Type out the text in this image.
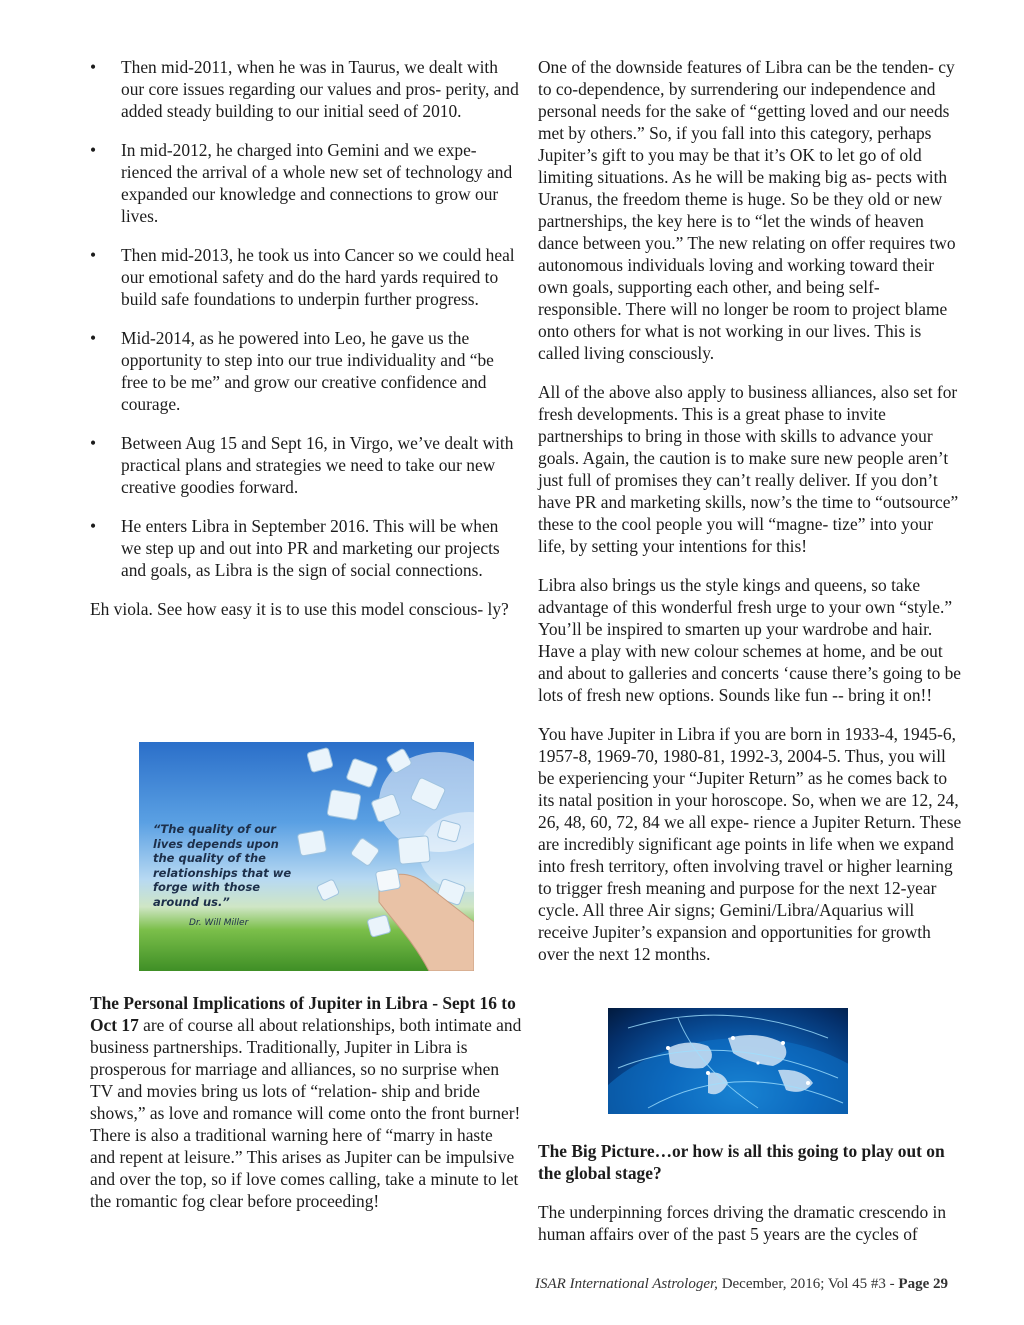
• Then mid-2011, when he was in Taurus, we dealt with our core issues regarding our values and pros- perity, and added steady building to our initial seed of 2010.
• In mid-2012, he charged into Gemini and we expe- rienced the arrival of a whole new set of technology and expanded our knowledge and connections to grow our lives.
• Then mid-2013, he took us into Cancer so we could heal our emotional safety and do the hard yards required to build safe foundations to underpin further progress.
• Mid-2014, as he powered into Leo, he gave us the opportunity to step into our true individuality and “be free to be me” and grow our creative confidence and courage.
• Between Aug 15 and Sept 16, in Virgo, we’ve dealt with practical plans and strategies we need to take our new creative goodies forward.
• He enters Libra in September 2016. This will be when we step up and out into PR and marketing our projects and goals, as Libra is the sign of social connections.

Eh viola. See how easy it is to use this model conscious- ly?

“The quality of our lives depends upon the quality of the relationships that we forge with those around us.”
Dr. Will Miller

The Personal Implications of Jupiter in Libra - Sept 16 to Oct 17 are of course all about relationships, both intimate and business partnerships. Traditionally, Jupiter in Libra is prosperous for marriage and alliances, so no surprise when TV and movies bring us lots of “relation- ship and bride shows,” as love and romance will come onto the front burner! There is also a traditional warning here of “marry in haste and repent at leisure.” This arises as Jupiter can be impulsive and over the top, so if love comes calling, take a minute to let the romantic fog clear before proceeding!

One of the downside features of Libra can be the tenden- cy to co-dependence, by surrendering our independence and personal needs for the sake of “getting loved and our needs met by others.” So, if you fall into this category, perhaps Jupiter’s gift to you may be that it’s OK to let go of old limiting situations. As he will be making big as- pects with Uranus, the freedom theme is huge. So be they old or new partnerships, the key here is to “let the winds of heaven dance between you.” The new relating on offer requires two autonomous individuals loving and working toward their own goals, supporting each other, and being self-responsible. There will no longer be room to project blame onto others for what is not working in our lives. This is called living consciously.

All of the above also apply to business alliances, also set for fresh developments. This is a great phase to invite partnerships to bring in those with skills to advance your goals. Again, the caution is to make sure new people aren’t just full of promises they can’t really deliver. If you don’t have PR and marketing skills, now’s the time to “outsource” these to the cool people you will “magne- tize” into your life, by setting your intentions for this!

Libra also brings us the style kings and queens, so take advantage of this wonderful fresh urge to your own “style.” You’ll be inspired to smarten up your wardrobe and hair. Have a play with new colour schemes at home, and be out and about to galleries and concerts ‘cause there’s going to be lots of fresh new options. Sounds like fun -- bring it on!!

You have Jupiter in Libra if you are born in 1933-4, 1945-6, 1957-8, 1969-70, 1980-81, 1992-3, 2004-5. Thus, you will be experiencing your “Jupiter Return” as he comes back to its natal position in your horoscope. So, when we are 12, 24, 26, 48, 60, 72, 84 we all expe- rience a Jupiter Return. These are incredibly significant age points in life when we expand into fresh territory, often involving travel or higher learning to trigger fresh meaning and purpose for the next 12-year cycle. All three Air signs; Gemini/Libra/Aquarius will receive Jupiter’s expansion and opportunities for growth over the next 12 months.

The Big Picture…or how is all this going to play out on the global stage?

The underpinning forces driving the dramatic crescendo in human affairs over of the past 5 years are the cycles of

ISAR International Astrologer, December, 2016; Vol 45 #3 - Page 29
